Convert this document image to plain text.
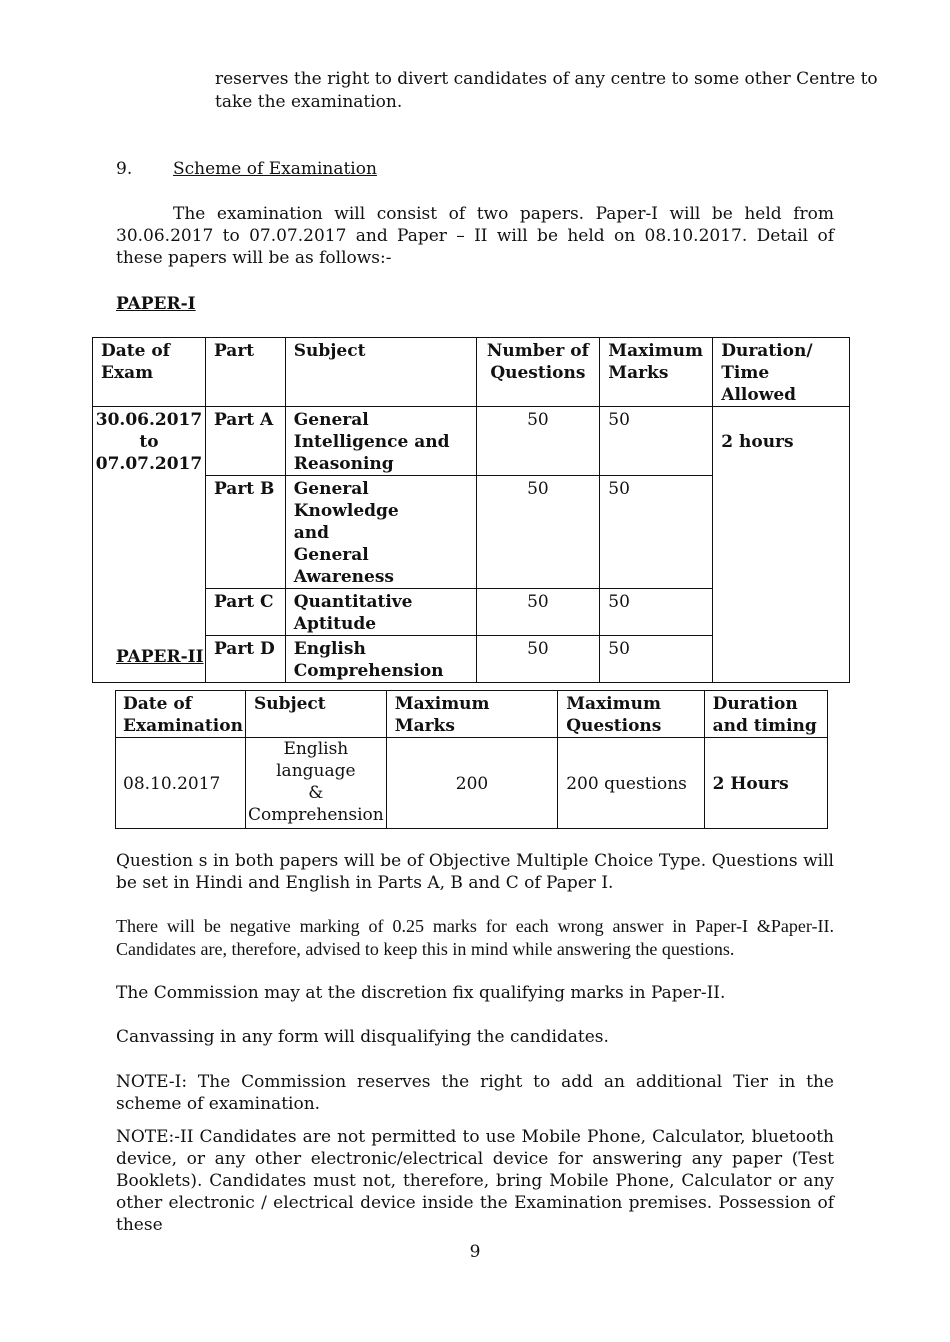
reserves the right to divert candidates of any centre to some other Centre to
take the examination.
9. Scheme of Examination
The examination will consist of two papers. Paper-I will be held from 30.06.2017 to 07.07.2017 and Paper – II will be held on 08.10.2017. Detail of these papers will be as follows:-
PAPER-I
Date of Exam	Part	Subject	Number of Questions	Maximum Marks	Duration/ Time Allowed

30.06.2017
to
07.07.2017	Part A	General Intelligence and Reasoning	50	50	2 hours
	Part B	General Knowledge
and
General Awareness	50	50	
	Part C	Quantitative Aptitude	50	50	
	Part D	English Comprehension	50	50	
PAPER-II
Date of Examination	Subject	Maximum Marks	Maximum Questions	Duration and timing
08.10.2017	English
language
&
Comprehension	200	200 questions	2 Hours
Question s in both papers will be of Objective Multiple Choice Type. Questions will be set in Hindi and English in Parts A, B and C of Paper I.
There will be negative marking of 0.25 marks for each wrong answer in Paper-I &Paper-II. Candidates are, therefore, advised to keep this in mind while answering the questions.
The Commission may at the discretion fix qualifying marks in Paper-II.
Canvassing in any form will disqualifying the candidates.
NOTE-I: The Commission reserves the right to add an additional Tier in the scheme of examination.
NOTE:-II Candidates are not permitted to use Mobile Phone, Calculator, bluetooth device, or any other electronic/electrical device for answering any paper (Test Booklets). Candidates must not, therefore, bring Mobile Phone, Calculator or any other electronic / electrical device inside the Examination premises. Possession of these
9
